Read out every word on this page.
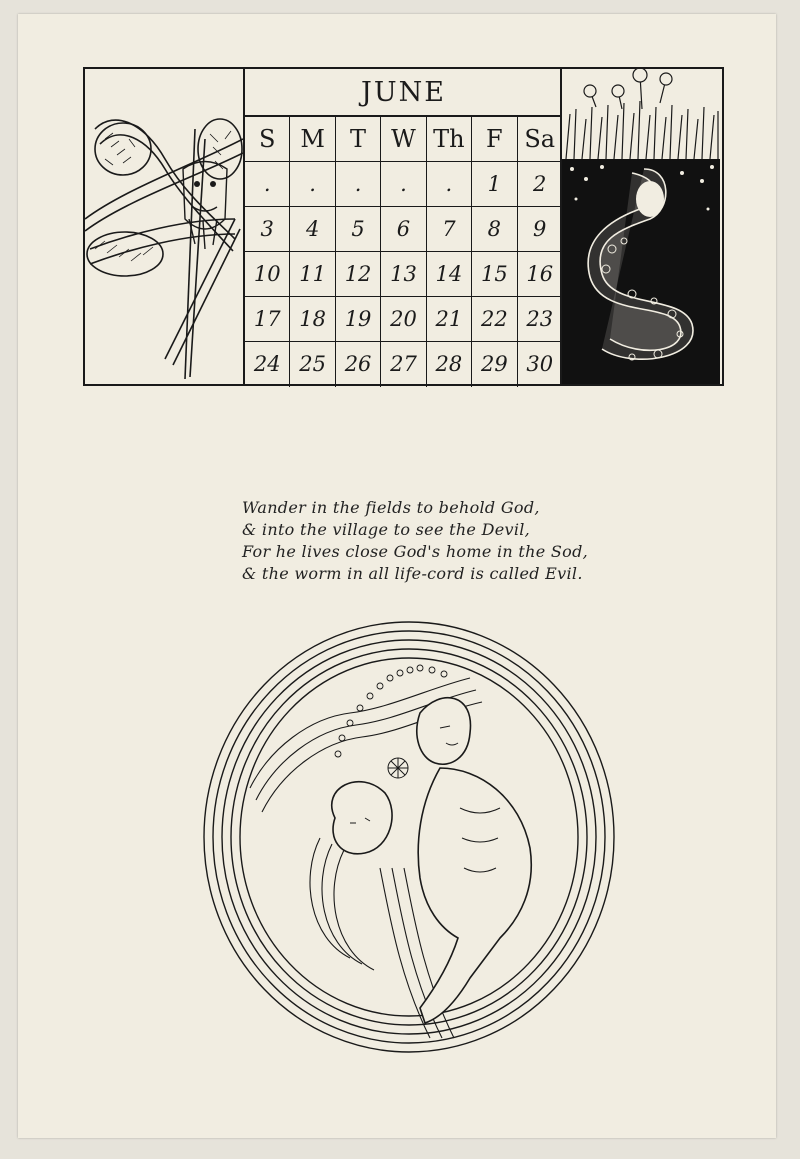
JUNE
S	M	T	W Th F Sa
.	.	.	.	.	1	2
3	4	5	6	7	8	9
10 11 12 13 14 15 16
17 18 19 20 21 22 23
24 25 26 27 28 29 30
Wander in the fields to behold God,
& into the village to see the Devil,
For he lives close God's home in the Sod,
& the worm in all life-cord is called Evil.
